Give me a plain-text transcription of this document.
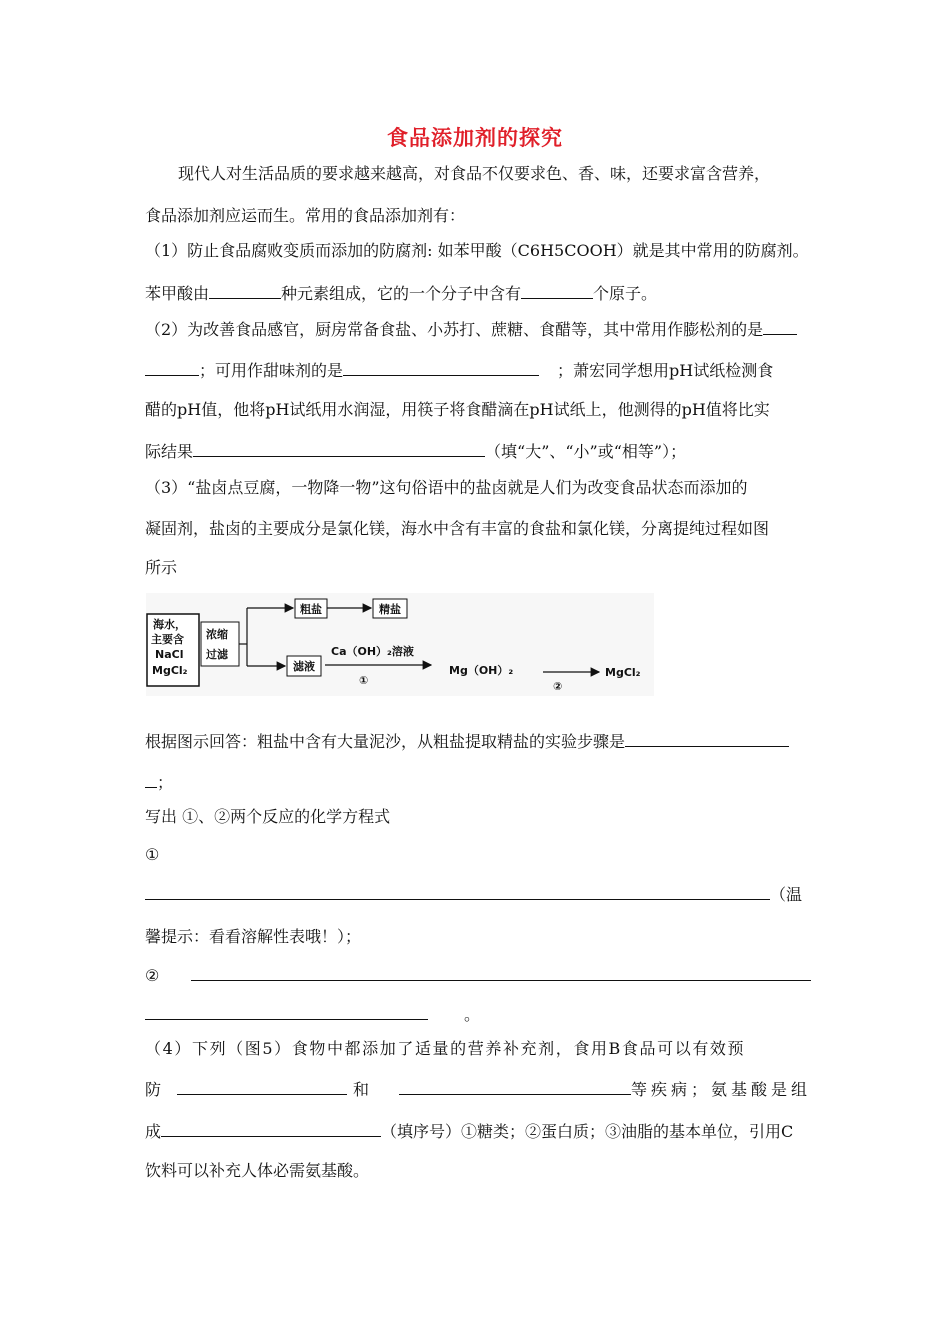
食品添加剂的探究
现代人对生活品质的要求越来越高，对食品不仅要求色、香、味，还要求富含营养，
食品添加剂应运而生。常用的食品添加剂有：
（1）防止食品腐败变质而添加的防腐剂: 如苯甲酸（C6H5COOH）就是其中常用的防腐剂。
苯甲酸由	种元素组成，它的一个分子中含有	个原子。
（2）为改善食品感官，厨房常备食盐、小苏打、蔗糖、食醋等，其中常用作膨松剂的是
；可用作甜味剂的是	；萧宏同学想用pH试纸检测食
醋的pH值，他将pH试纸用水润湿，用筷子将食醋滴在pH试纸上，他测得的pH值将比实
际结果	（填“大”、“小”或“相等”）；
（3）“盐卤点豆腐，一物降一物”这句俗语中的盐卤就是人们为改变食品状态而添加的
凝固剂，盐卤的主要成分是氯化镁，海水中含有丰富的食盐和氯化镁，分离提纯过程如图
所示
海水，
主要含
NaCl
MgCl₂
浓缩
过滤
粗盐	精盐
滤液
Ca（OH）₂溶液
①
Mg（OH）₂
②
MgCl₂
根据图示回答：粗盐中含有大量泥沙，从粗盐提取精盐的实验步骤是
；
写出 ①、②两个反应的化学方程式
①
（温
馨提示：看看溶解性表哦！）；
②
。
（4）下列（图5）食物中都添加了适量的营养补充剂，食用B食品可以有效预
防	和	等疾病；氨基酸是组
成	（填序号）①糖类；②蛋白质；③油脂的基本单位，引用C
饮料可以补充人体必需氨基酸。
